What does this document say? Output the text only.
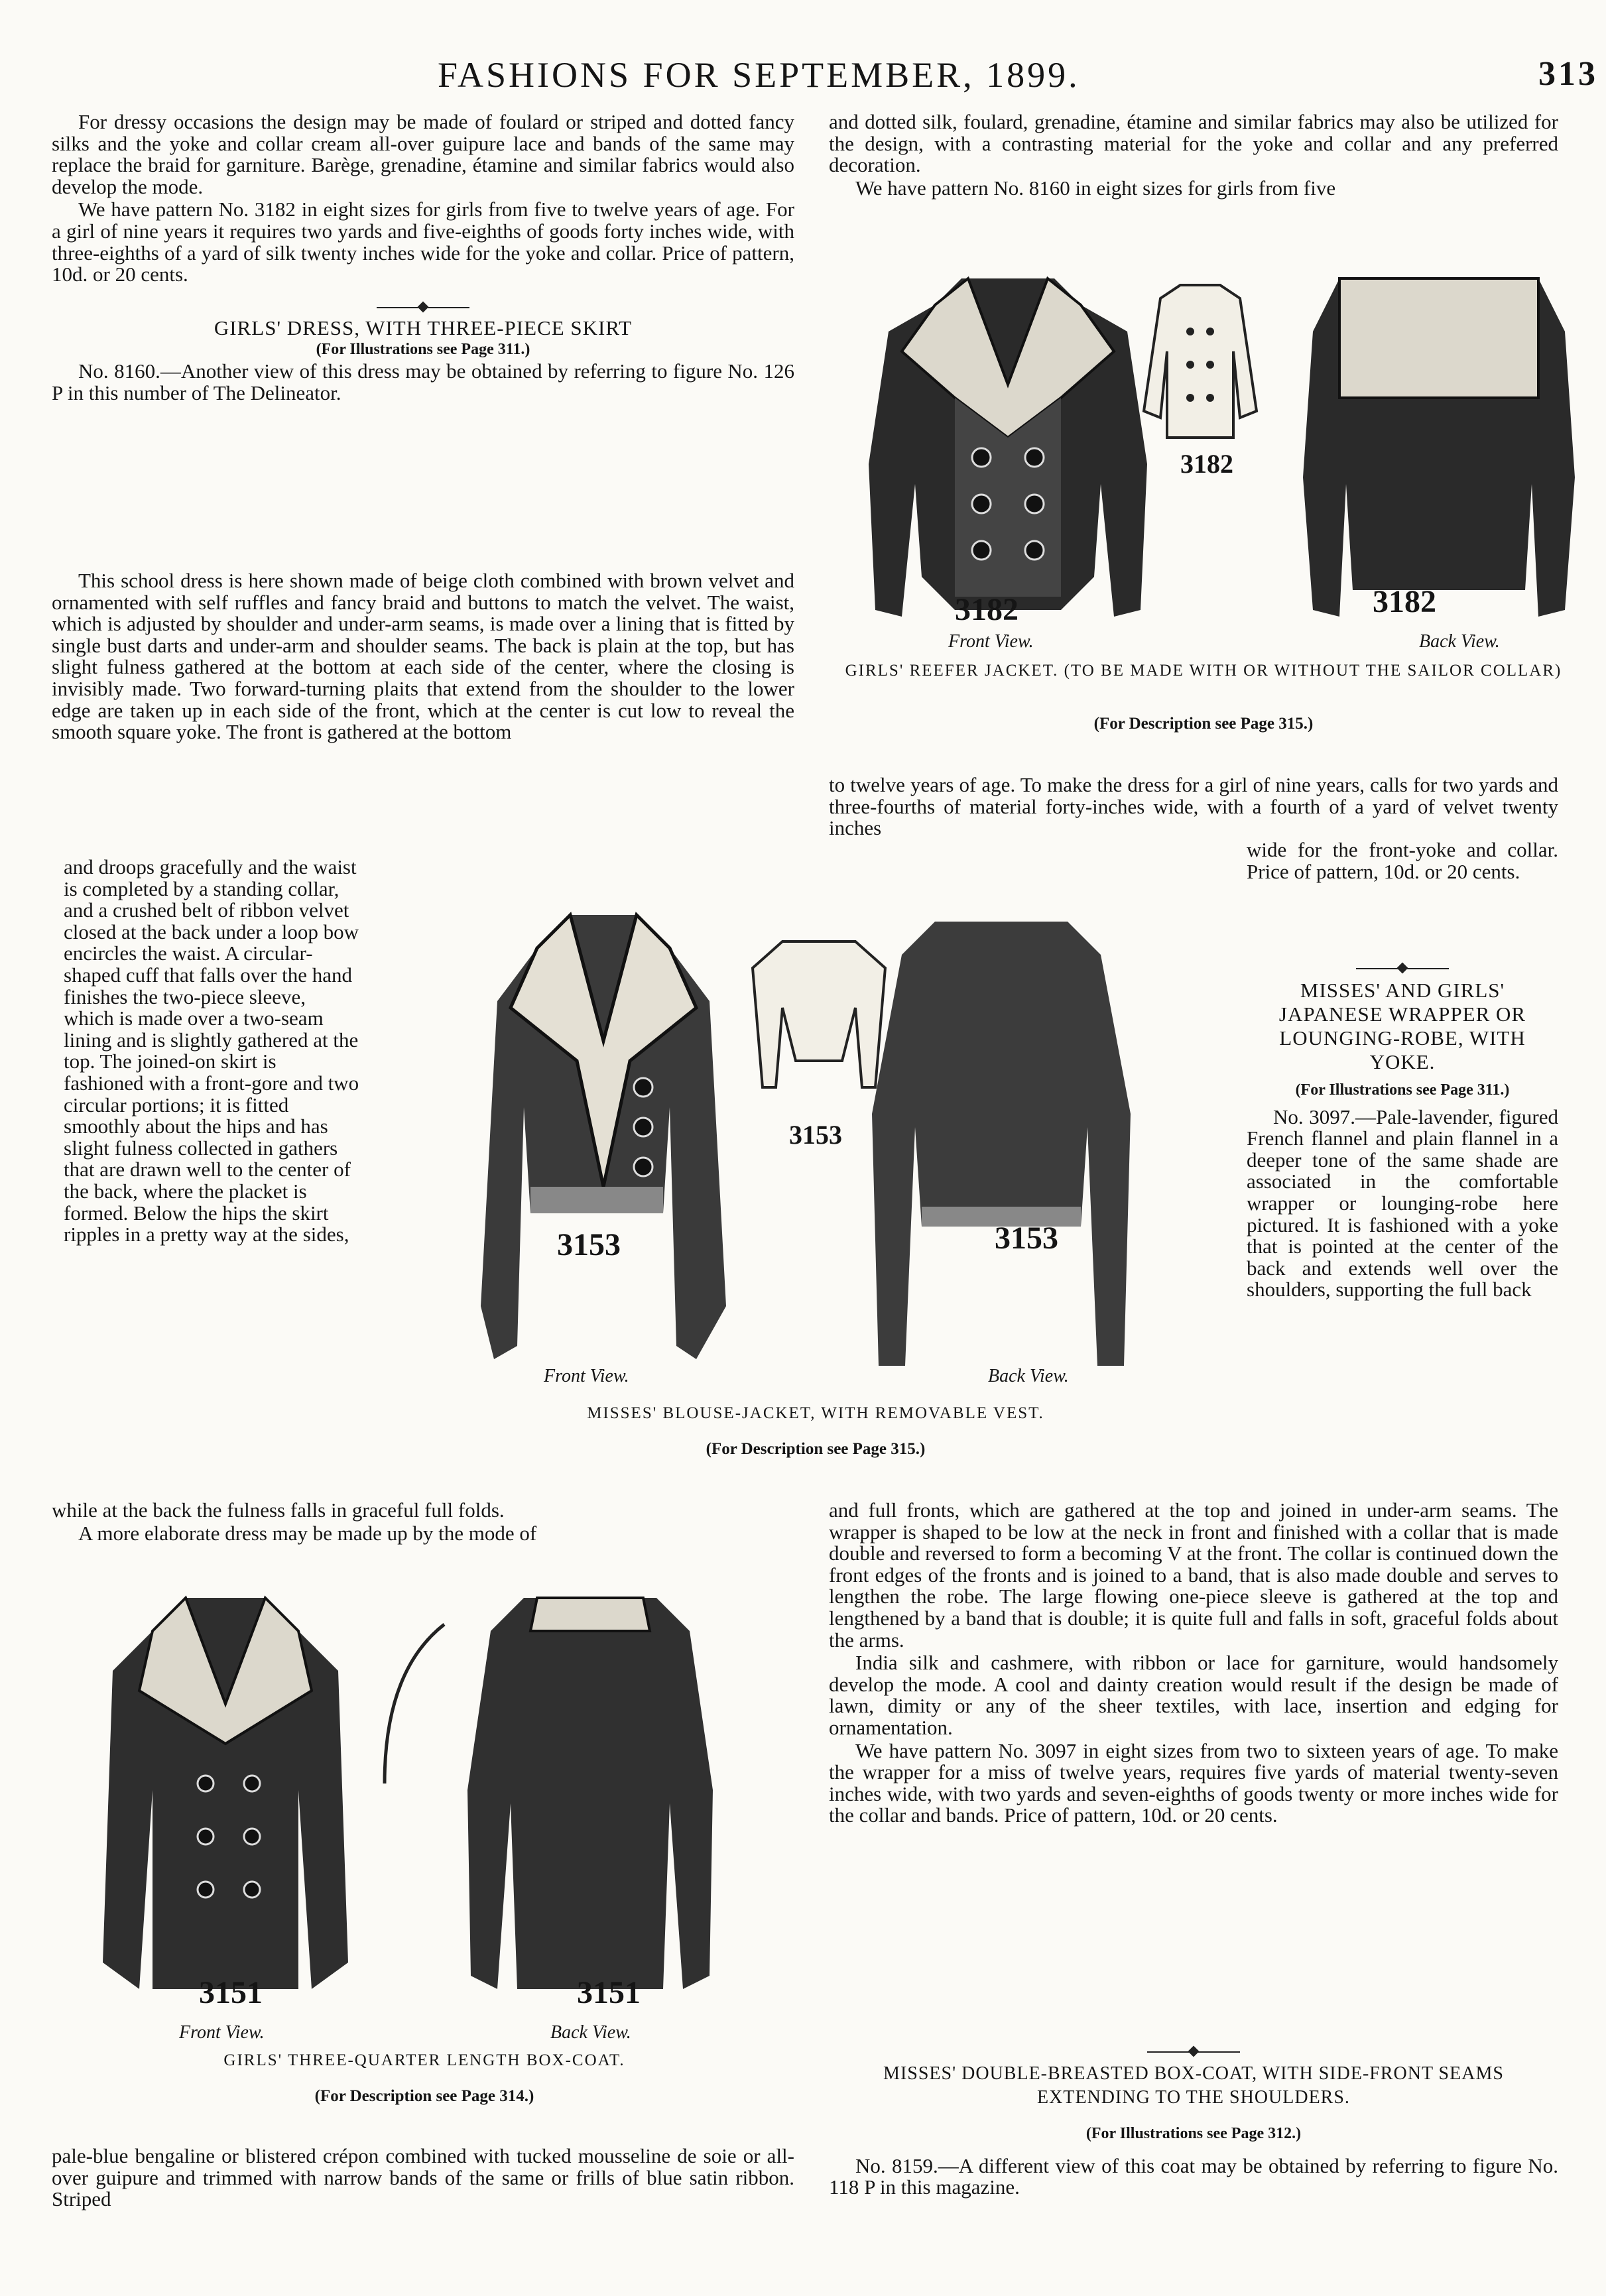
FASHIONS FOR SEPTEMBER, 1899.	313

For dressy occasions the design may be made of foulard or striped and dotted fancy silks and the yoke and collar cream all-over guipure lace and bands of the same may replace the braid for garniture. Barège, grenadine, étamine and similar fabrics would also develop the mode.

We have pattern No. 3182 in eight sizes for girls from five to twelve years of age. For a girl of nine years it requires two yards and five-eighths of goods forty inches wide, with three-eighths of a yard of silk twenty inches wide for the yoke and collar. Price of pattern, 10d. or 20 cents.

GIRLS' DRESS, WITH THREE-PIECE SKIRT
(For Illustrations see Page 311.)

No. 8160.—Another view of this dress may be obtained by referring to figure No. 126 P in this number of The Delineator.

This school dress is here shown made of beige cloth combined with brown velvet and ornamented with self ruffles and fancy braid and buttons to match the velvet. The waist, which is adjusted by shoulder and under-arm seams, is made over a lining that is fitted by single bust darts and under-arm and shoulder seams. The back is plain at the top, but has slight fulness gathered at the bottom at each side of the center, where the closing is invisibly made. Two forward-turning plaits that extend from the shoulder to the lower edge are taken up in each side of the front, which at the center is cut low to reveal the smooth square yoke. The front is gathered at the bottom

and droops gracefully and the waist is completed by a standing collar, and a crushed belt of ribbon velvet closed at the back under a loop bow encircles the waist. A circular-shaped cuff that falls over the hand finishes the two-piece sleeve, which is made over a two-seam lining and is slightly gathered at the top. The joined-on skirt is fashioned with a front-gore and two circular portions; it is fitted smoothly about the hips and has slight fulness collected in gathers that are drawn well to the center of the back, where the placket is formed. Below the hips the skirt ripples in a pretty way at the sides,

while at the back the fulness falls in graceful full folds.

A more elaborate dress may be made up by the mode of

and dotted silk, foulard, grenadine, étamine and similar fabrics may also be utilized for the design, with a contrasting material for the yoke and collar and any preferred decoration.

We have pattern No. 8160 in eight sizes for girls from five

3182
3182	3182
Front View.	Back View.
GIRLS' REEFER JACKET. (TO BE MADE WITH OR WITHOUT THE SAILOR COLLAR)
(For Description see Page 315.)

to twelve years of age. To make the dress for a girl of nine years, calls for two yards and three-fourths of material forty-inches wide, with a fourth of a yard of velvet twenty inches

wide for the front-yoke and collar. Price of pattern, 10d. or 20 cents.

3153
3153	3153
Front View.	Back View.
MISSES' BLOUSE-JACKET, WITH REMOVABLE VEST.
(For Description see Page 315.)
MISSES' AND GIRLS' JAPANESE WRAPPER OR LOUNGING-ROBE, WITH YOKE.
(For Illustrations see Page 311.)

No. 3097.—Pale-lavender, figured French flannel and plain flannel in a deeper tone of the same shade are associated in the comfortable wrapper or lounging-robe here pictured. It is fashioned with a yoke that is pointed at the center of the back and extends well over the shoulders, supporting the full back

and full fronts, which are gathered at the top and joined in under-arm seams. The wrapper is shaped to be low at the neck in front and finished with a collar that is made double and reversed to form a becoming V at the front. The collar is continued down the front edges of the fronts and is joined to a band, that is also made double and serves to lengthen the robe. The large flowing one-piece sleeve is gathered at the top and lengthened by a band that is double; it is quite full and falls in soft, graceful folds about the arms.

India silk and cashmere, with ribbon or lace for garniture, would handsomely develop the mode. A cool and dainty creation would result if the design be made of lawn, dimity or any of the sheer textiles, with lace, insertion and edging for ornamentation.

We have pattern No. 3097 in eight sizes from two to sixteen years of age. To make the wrapper for a miss of twelve years, requires five yards of material twenty-seven inches wide, with two yards and seven-eighths of goods twenty or more inches wide for the collar and bands. Price of pattern, 10d. or 20 cents.

3151	3151
Front View.	Back View.
GIRLS' THREE-QUARTER LENGTH BOX-COAT.
(For Description see Page 314.)

pale-blue bengaline or blistered crépon combined with tucked mousseline de soie or all-over guipure and trimmed with narrow bands of the same or frills of blue satin ribbon. Striped

MISSES' DOUBLE-BREASTED BOX-COAT, WITH SIDE-FRONT SEAMS EXTENDING TO THE SHOULDERS.
(For Illustrations see Page 312.)

No. 8159.—A different view of this coat may be obtained by referring to figure No. 118 P in this magazine.
